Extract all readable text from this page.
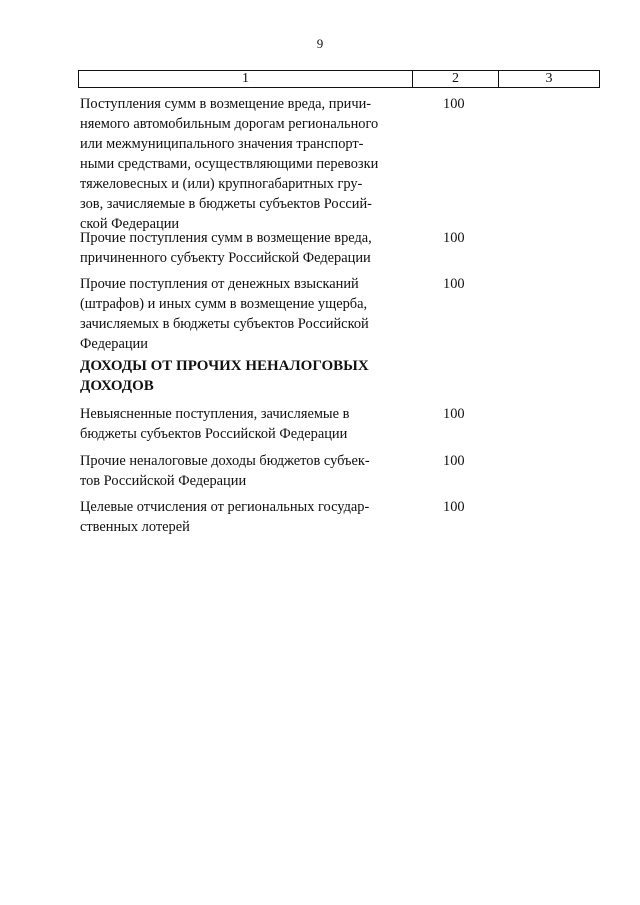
9
1	2	3
Поступления сумм в возмещение вреда, причи-
няемого автомобильным дорогам регионального
или межмуниципального значения транспорт-
ными средствами, осуществляющими перевозки
тяжеловесных и (или) крупногабаритных гру-
зов, зачисляемые в бюджеты субъектов Россий-
ской Федерации
100
Прочие поступления сумм в возмещение вреда,
причиненного субъекту Российской Федерации
100
Прочие поступления от денежных взысканий
(штрафов) и иных сумм в возмещение ущерба,
зачисляемых в бюджеты субъектов Российской
Федерации
100
ДОХОДЫ ОТ ПРОЧИХ НЕНАЛОГОВЫХ
ДОХОДОВ
Невыясненные поступления, зачисляемые в
бюджеты субъектов Российской Федерации
100
Прочие неналоговые доходы бюджетов субъек-
тов Российской Федерации
100
Целевые отчисления от региональных государ-
ственных лотерей
100
